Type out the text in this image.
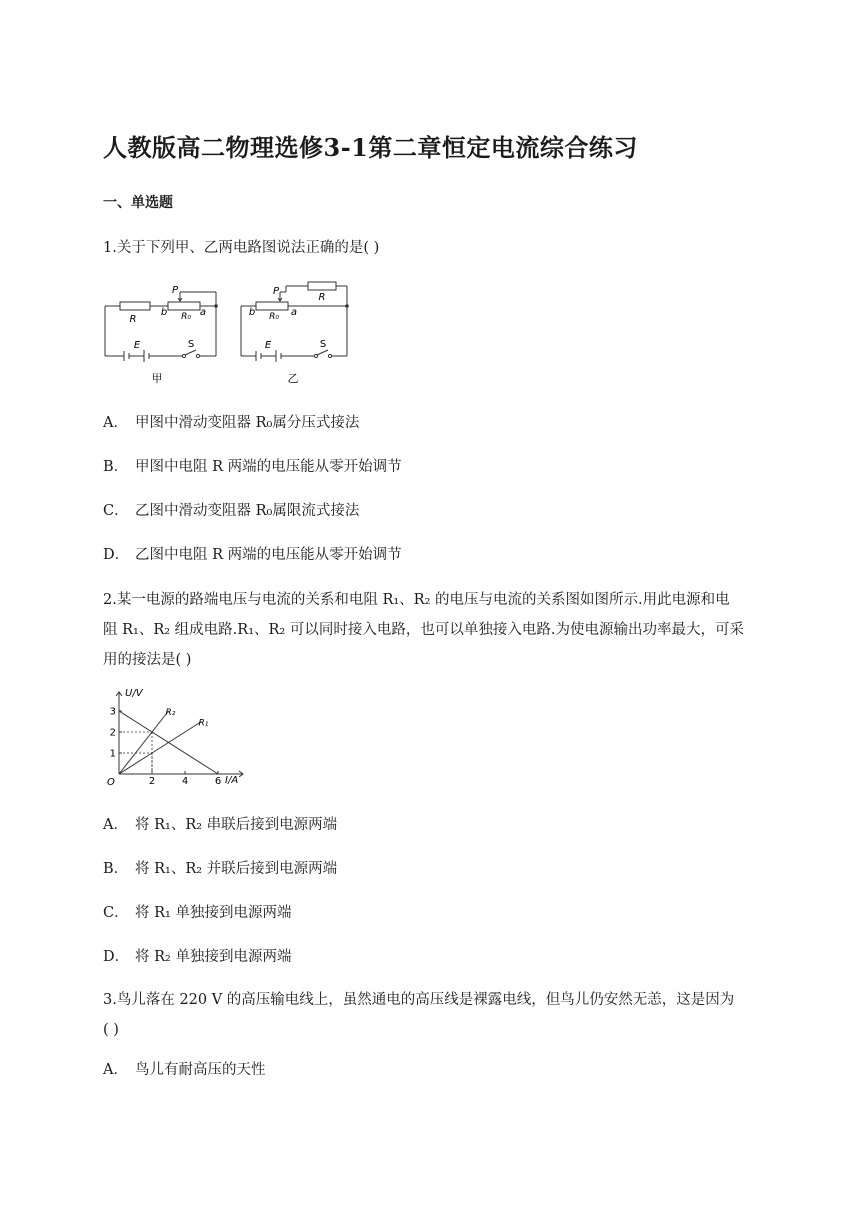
人教版高二物理选修3-1第二章恒定电流综合练习
一、单选题
1.关于下列甲、乙两电路图说法正确的是( )
R
b
P
R₀ a
E	S
甲
P
R
b R₀ a
E	S
乙
A． 甲图中滑动变阻器 R₀属分压式接法
B． 甲图中电阻 R 两端的电压能从零开始调节
C． 乙图中滑动变阻器 R₀属限流式接法
D． 乙图中电阻 R 两端的电压能从零开始调节
2.某一电源的路端电压与电流的关系和电阻 R₁、R₂ 的电压与电流的关系图如图所示.用此电源和电
阻 R₁、R₂ 组成电路.R₁、R₂ 可以同时接入电路，也可以单独接入电路.为使电源输出功率最大，可采
用的接法是( )
U/V
I/A
O
R₂
R₁
2	4	6
1
2
3
A． 将 R₁、R₂ 串联后接到电源两端
B． 将 R₁、R₂ 并联后接到电源两端
C． 将 R₁ 单独接到电源两端
D． 将 R₂ 单独接到电源两端
3.鸟儿落在 220 V 的高压输电线上，虽然通电的高压线是裸露电线，但鸟儿仍安然无恙，这是因为
( )
A． 鸟儿有耐高压的天性
